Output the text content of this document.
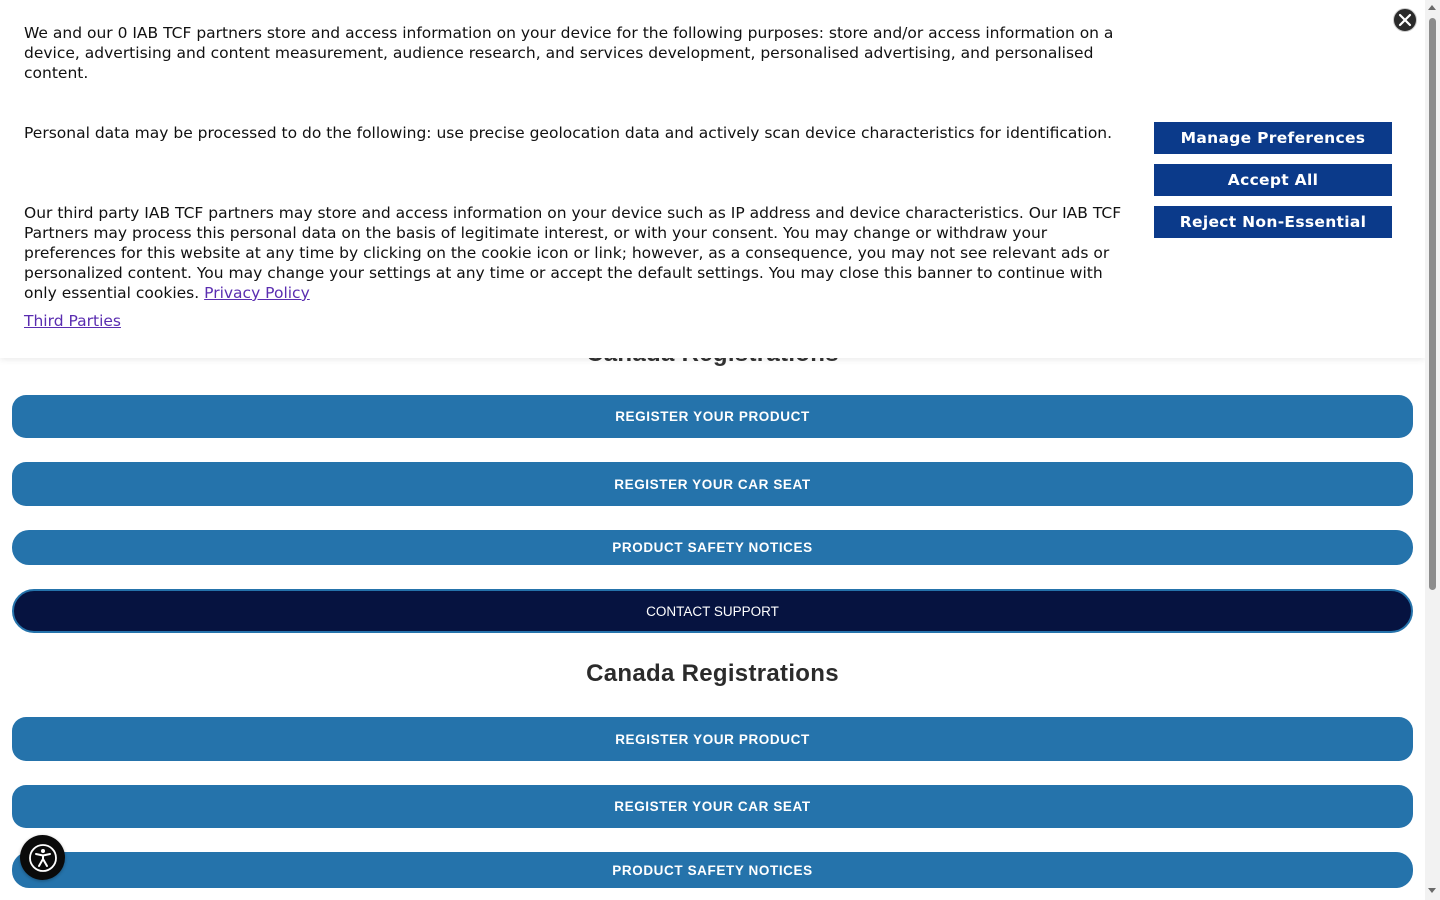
REGISTER YOUR PRODUCT
REGISTER YOUR CAR SEAT
PRODUCT SAFETY NOTICES
CONTACT SUPPORT
Canada Registrations
REGISTER YOUR PRODUCT
REGISTER YOUR CAR SEAT
PRODUCT SAFETY NOTICES

We and our 0 IAB TCF partners store and access information on your device for the following purposes: store and/or access information on a device, advertising and content measurement, audience research, and services development, personalised advertising, and personalised content.

Personal data may be processed to do the following: use precise geolocation data and actively scan device characteristics for identification.

Our third party IAB TCF partners may store and access information on your device such as IP address and device characteristics. Our IAB TCF Partners may process this personal data on the basis of legitimate interest, or with your consent. You may change or withdraw your preferences for this website at any time by clicking on the cookie icon or link; however, as a consequence, you may not see relevant ads or personalized content. You may change your settings at any time or accept the default settings. You may close this banner to continue with only essential cookies. Privacy Policy

Third Parties
Manage Preferences
Accept All
Reject Non-Essential
